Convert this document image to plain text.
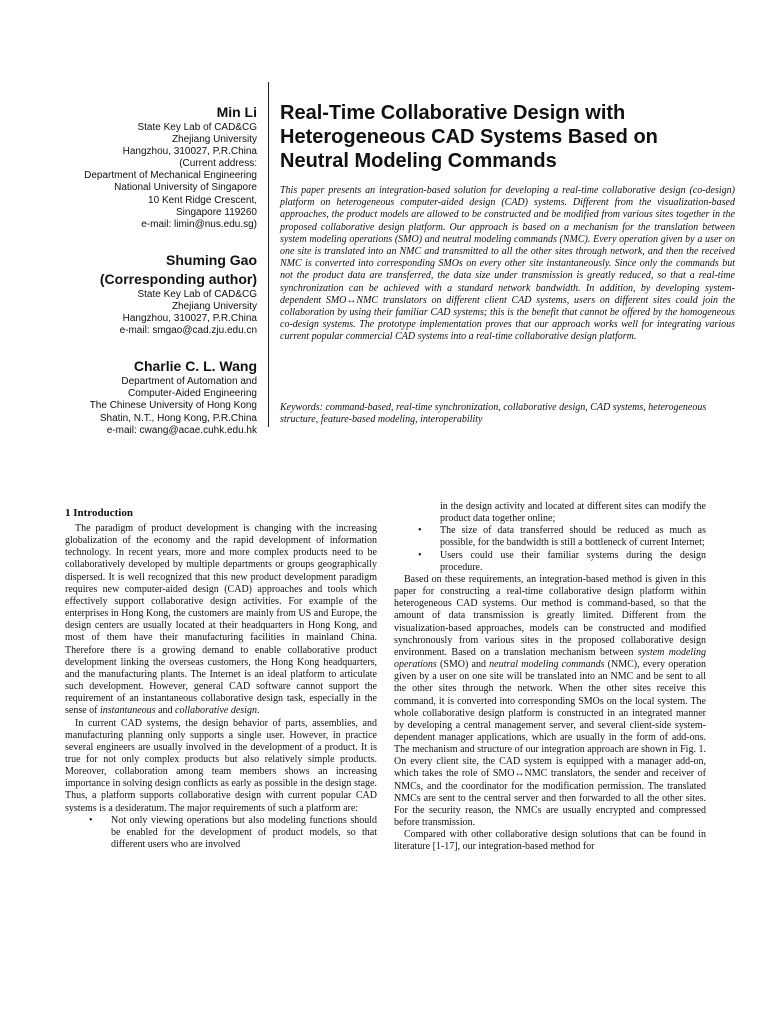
Min Li
State Key Lab of CAD&CG
Zhejiang University
Hangzhou, 310027, P.R.China
(Current address:
Department of Mechanical Engineering
National University of Singapore
10 Kent Ridge Crescent,
Singapore 119260
e-mail: limin@nus.edu.sg)
Shuming Gao
(Corresponding author)
State Key Lab of CAD&CG
Zhejiang University
Hangzhou, 310027, P.R.China
e-mail: smgao@cad.zju.edu.cn
Charlie C. L. Wang
Department of Automation and
Computer-Aided Engineering
The Chinese University of Hong Kong
Shatin, N.T., Hong Kong, P.R.China
e-mail: cwang@acae.cuhk.edu.hk
Real-Time Collaborative Design with Heterogeneous CAD Systems Based on Neutral Modeling Commands

This paper presents an integration-based solution for developing a real-time collaborative design (co-design) platform on heterogeneous computer-aided design (CAD) systems. Different from the visualization-based approaches, the product models are allowed to be constructed and be modified from various sites together in the proposed collaborative design platform. Our approach is based on a mechanism for the translation between system modeling operations (SMO) and neutral modeling commands (NMC). Every operation given by a user on one site is translated into an NMC and transmitted to all the other sites through network, and then the received NMC is converted into corresponding SMOs on every other site instantaneously. Since only the commands but not the product data are transferred, the data size under transmission is greatly reduced, so that a real-time synchronization can be achieved with a standard network bandwidth. In addition, by developing system-dependent SMO↔NMC translators on different client CAD systems, users on different sites could join the collaboration by using their familiar CAD systems; this is the benefit that cannot be offered by the homogeneous co-design systems. The prototype implementation proves that our approach works well for integrating various current popular commercial CAD systems into a real-time collaborative design platform.

Keywords: command-based, real-time synchronization, collaborative design, CAD systems, heterogeneous structure, feature-based modeling, interoperability

1 Introduction

The paradigm of product development is changing with the increasing globalization of the economy and the rapid development of information technology. In recent years, more and more complex products need to be collaboratively developed by multiple departments or groups geographically dispersed. It is well recognized that this new product development paradigm requires new computer-aided design (CAD) approaches and tools which effectively support collaborative design activities. For example of the enterprises in Hong Kong, the customers are mainly from US and Europe, the design centers are usually located at their headquarters in Hong Kong, and most of them have their manufacturing facilities in mainland China. Therefore there is a growing demand to enable collaborative product development linking the overseas customers, the Hong Kong headquarters, and the manufacturing plants. The Internet is an ideal platform to articulate such development. However, general CAD software cannot support the requirement of an instantaneous collaborative design task, especially in the sense of instantaneous and collaborative design.

In current CAD systems, the design behavior of parts, assemblies, and manufacturing planning only supports a single user. However, in practice several engineers are usually involved in the development of a product. It is true for not only complex products but also relatively simple products. Moreover, collaboration among team members shows an increasing importance in solving design conflicts as early as possible in the design stage. Thus, a platform supports collaborative design with current popular CAD systems is a desideratum. The major requirements of such a platform are:

• Not only viewing operations but also modeling functions should be enabled for the development of product models, so that different users who are involved
in the design activity and located at different sites can modify the product data together online;
• The size of data transferred should be reduced as much as possible, for the bandwidth is still a bottleneck of current Internet;
• Users could use their familiar systems during the design procedure.

Based on these requirements, an integration-based method is given in this paper for constructing a real-time collaborative design platform within heterogeneous CAD systems. Our method is command-based, so that the amount of data transmission is greatly limited. Different from the visualization-based approaches, models can be constructed and modified synchronously from various sites in the proposed collaborative design environment. Based on a translation mechanism between system modeling operations (SMO) and neutral modeling commands (NMC), every operation given by a user on one site will be translated into an NMC and be sent to all the other sites through the network. When the other sites receive this command, it is converted into corresponding SMOs on the local system. The whole collaborative design platform is constructed in an integrated manner by developing a central management server, and several client-side system-dependent manager applications, which are usually in the form of add-ons. The mechanism and structure of our integration approach are shown in Fig. 1. On every client site, the CAD system is equipped with a manager add-on, which takes the role of SMO↔NMC translators, the sender and receiver of NMCs, and the coordinator for the modification permission. The translated NMCs are sent to the central server and then forwarded to all the other sites. For the security reason, the NMCs are usually encrypted and compressed before transmission.

Compared with other collaborative design solutions that can be found in literature [1-17], our integration-based method for
